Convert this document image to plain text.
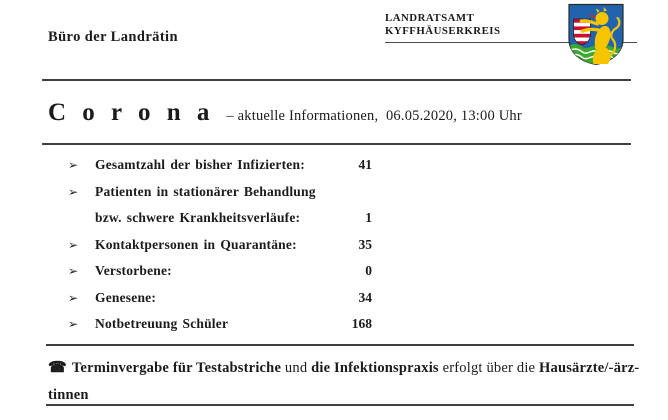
Büro der Landrätin
LANDRATSAMT
KYFFHÄUSERKREIS
C o r o n a – aktuelle Informationen,  06.05.2020, 13:00 Uhr
➢	Gesamtzahl der bisher Infizierten:	41
➢	Patienten in stationärer Behandlung
bzw. schwere Krankheitsverläufe:	1
➢	Kontaktpersonen in Quarantäne:	35
➢	Verstorbene:	0
➢	Genesene:	34
➢	Notbetreuung Schüler	168
☎ Terminvergabe für Testabstriche und die Infektionspraxis erfolgt über die Hausärzte/-ärz-
tinnen
